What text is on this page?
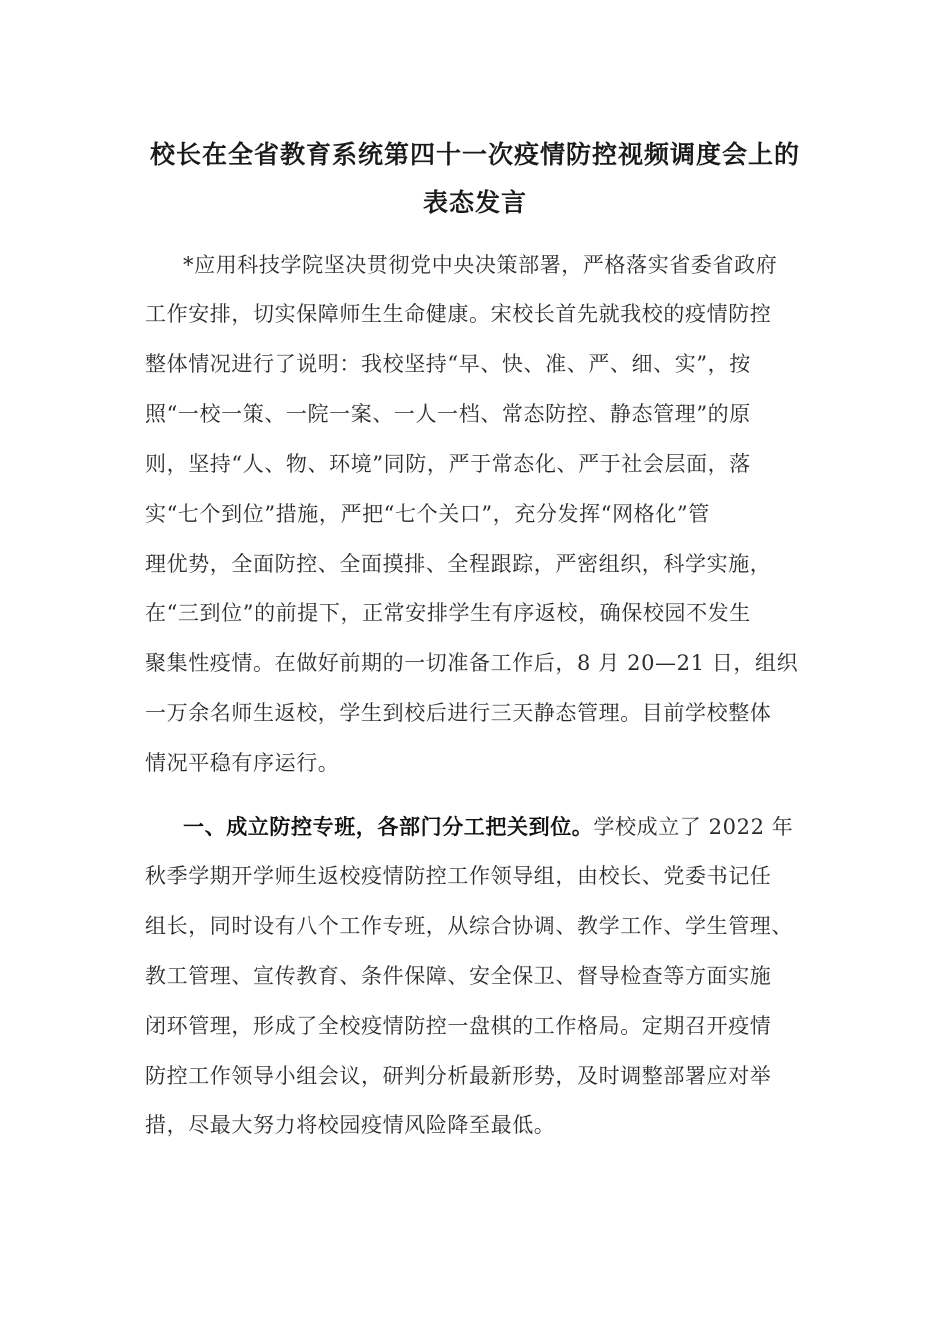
校长在全省教育系统第四十一次疫情防控视频调度会上的
表态发言
*应用科技学院坚决贯彻党中央决策部署，严格落实省委省政府
工作安排，切实保障师生生命健康。宋校长首先就我校的疫情防控
整体情况进行了说明：我校坚持“早、快、准、严、细、实”，按
照“一校一策、一院一案、一人一档、常态防控、静态管理”的原
则，坚持“人、物、环境”同防，严于常态化、严于社会层面，落
实“七个到位”措施，严把“七个关口”，充分发挥“网格化”管
理优势，全面防控、全面摸排、全程跟踪，严密组织，科学实施，
在“三到位”的前提下，正常安排学生有序返校，确保校园不发生
聚集性疫情。在做好前期的一切准备工作后，8 月 20—21 日，组织
一万余名师生返校，学生到校后进行三天静态管理。目前学校整体
情况平稳有序运行。
一、成立防控专班，各部门分工把关到位。学校成立了 2022 年
秋季学期开学师生返校疫情防控工作领导组，由校长、党委书记任
组长，同时设有八个工作专班，从综合协调、教学工作、学生管理、
教工管理、宣传教育、条件保障、安全保卫、督导检查等方面实施
闭环管理，形成了全校疫情防控一盘棋的工作格局。定期召开疫情
防控工作领导小组会议，研判分析最新形势，及时调整部署应对举
措，尽最大努力将校园疫情风险降至最低。
